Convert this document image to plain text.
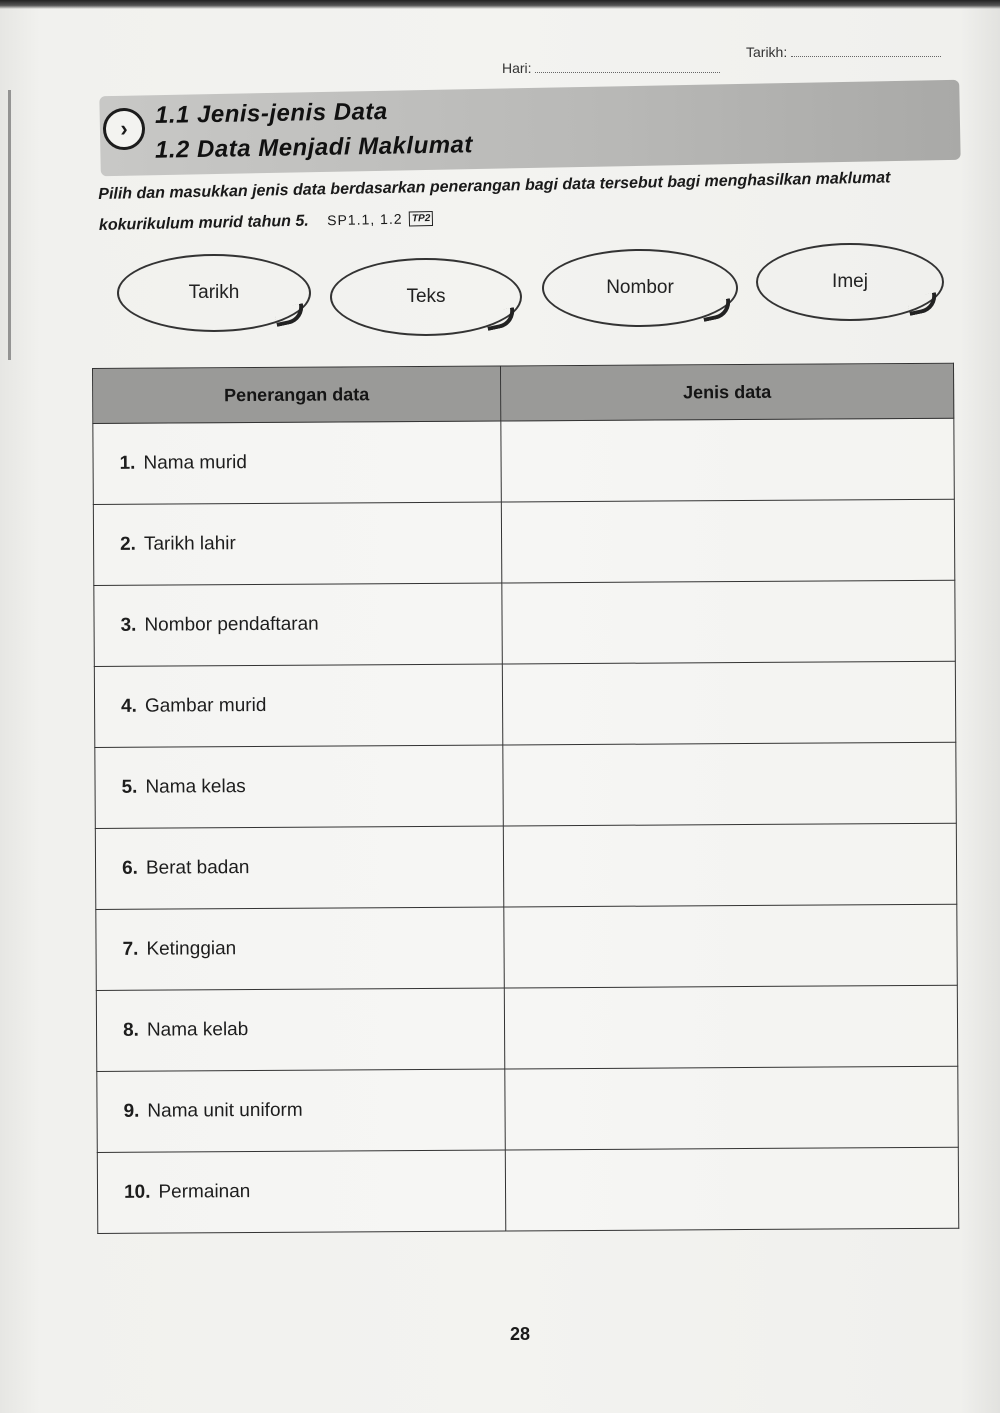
Hari:
Tarikh:
›	1.1 Jenis-jenis Data
1.2 Data Menjadi Maklumat
Pilih dan masukkan jenis data berdasarkan penerangan bagi data tersebut bagi menghasilkan maklumat kokurikulum murid tahun 5. SP1.1, 1.2 TP2
Tarikh	Teks	Nombor	Imej
Penerangan data	Jenis data
1. Nama murid	
2. Tarikh lahir	
3. Nombor pendaftaran	
4. Gambar murid	
5. Nama kelas	
6. Berat badan	
7. Ketinggian	
8. Nama kelab	
9. Nama unit uniform	
10. Permainan	
28
